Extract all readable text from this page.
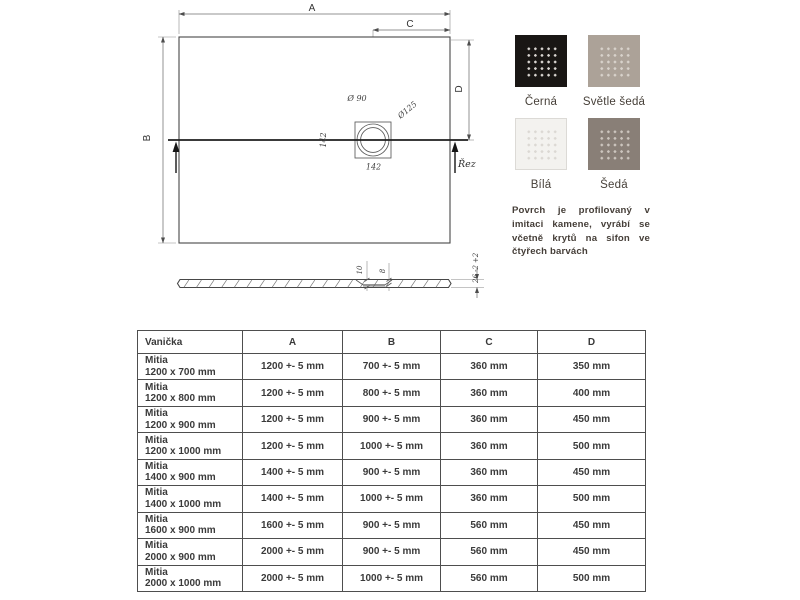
A
C
B
D
Řez
Ø 90
Ø125
142
142
10 8
+2
26 -2
Černá Světle šedá
Bílá	Šedá

Povrch je profilovaný v imitaci kamene, vyrábí se včetně krytů na sifon ve čtyřech barvách

Vanička	A	B	C	D

Mitia
1200 x 700 mm	1200 +- 5 mm	700 +- 5 mm	360 mm	350 mm

Mitia
1200 x 800 mm	1200 +- 5 mm	800 +- 5 mm	360 mm	400 mm

Mitia
1200 x 900 mm	1200 +- 5 mm	900 +- 5 mm	360 mm	450 mm

Mitia
1200 x 1000 mm	1200 +- 5 mm	1000 +- 5 mm	360 mm	500 mm

Mitia
1400 x 900 mm	1400 +- 5 mm	900 +- 5 mm	360 mm	450 mm

Mitia
1400 x 1000 mm	1400 +- 5 mm	1000 +- 5 mm	360 mm	500 mm

Mitia
1600 x 900 mm	1600 +- 5 mm	900 +- 5 mm	560 mm	450 mm

Mitia
2000 x 900 mm	2000 +- 5 mm	900 +- 5 mm	560 mm	450 mm

Mitia
2000 x 1000 mm	2000 +- 5 mm	1000 +- 5 mm	560 mm	500 mm
